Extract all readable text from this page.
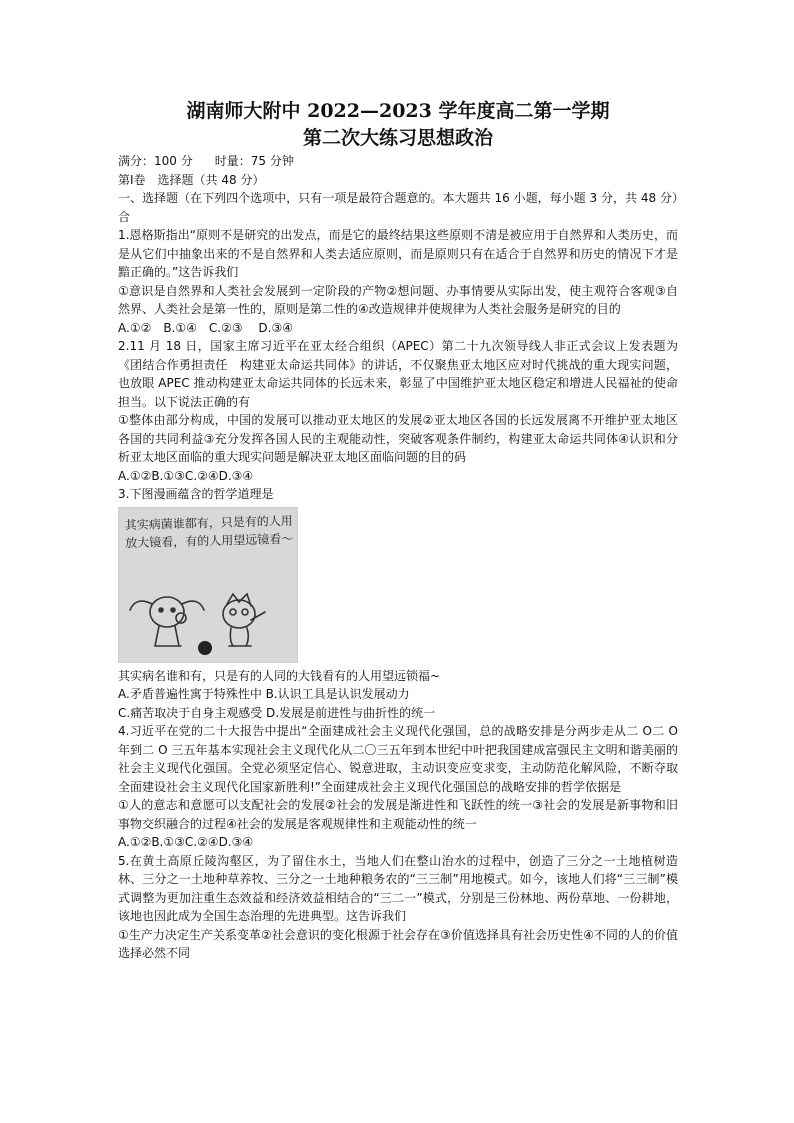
湖南师大附中 2022—2023 学年度高二第一学期
第二次大练习思想政治
满分：100 分 时量：75 分钟

第Ⅰ卷　选择题（共 48 分）

一、选择题（在下列四个选项中，只有一项是最符合题意的。本大题共 16 小题，每小题 3 分，共 48 分）合

1.恩格斯指出“原则不是研究的出发点，而是它的最终结果这些原则不清是被应用于自然界和人类历史，而是从它们中抽象出来的不是自然界和人类去适应原则，而是原则只有在适合于自然界和历史的情况下才是黯正确的。”这告诉我们

①意识是自然界和人类社会发展到一定阶段的产物②想问题、办事情要从实际出发，使主观符合客观③自然界、人类社会是第一性的，原则是第二性的④改造规律并使规律为人类社会服务是研究的目的

A.①②　B.①④　C.②③　 D.③④

2.11 月 18 日，国家主席习近平在亚太经合组织（APEC）第二十九次领导线人非正式会议上发表题为《团结合作勇担责任　构建亚太命运共同体》的讲话，不仅聚焦亚太地区应对时代挑战的重大现实问题，也放眼 APEC 推动构建亚太命运共同体的长远未来，彰显了中国维护亚太地区稳定和增进人民福祉的使命担当。以下说法正确的有

①整体由部分构成，中国的发展可以推动亚太地区的发展②亚太地区各国的长远发展离不开维护亚太地区各国的共同利益③充分发挥各国人民的主观能动性，突破客观条件制约，构建亚太命运共同体④认识和分析亚太地区面临的重大现实问题是解决亚太地区面临问题的目的码

A.①②B.①③C.②④D.③④

3.下图漫画蕴含的哲学道理是

其实病菌谁都有，只是有的人用放大镜看，有的人用望远镜看～

其实病名谁和有，只是有的人同的大钱看有的人用望远锁福~

A.矛盾普遍性寓于特殊性中 B.认识工具是认识发展动力

C.痛苦取决于自身主观感受 D.发展是前进性与曲折性的统一

4.习近平在党的二十大报告中提出“全面建成社会主义现代化强国，总的战略安排是分两步走从二 O二 O 年到二 O 三五年基本实现社会主义现代化从二〇三五年到本世纪中叶把我国建成富强民主文明和谐美丽的社会主义现代化强国。全党必须坚定信心、锐意进取，主动识变应变求变，主动防范化解风险，不断夺取全面建设社会主义现代化国家新胜利!”全面建成社会主义现代化强国总的战略安排的哲学依据是

①人的意志和意愿可以支配社会的发展②社会的发展是渐进性和飞跃性的统一③社会的发展是新事物和旧事物交织融合的过程④社会的发展是客观规律性和主观能动性的统一

A.①②B.①③C.②④D.③④

5.在黄土高原丘陵沟壑区，为了留住水土，当地人们在整山治水的过程中，创造了三分之一土地植树造林、三分之一土地种草养牧、三分之一土地种粮务农的“三三制”用地模式。如今，该地人们将“三三制”模式调整为更加注重生态效益和经济效益相结合的“三二一”模式，分别是三份林地、两份草地、一份耕地，该地也因此成为全国生态治理的先进典型。这告诉我们

①生产力决定生产关系变革②社会意识的变化根源于社会存在③价值选择具有社会历史性④不同的人的价值选择必然不同
